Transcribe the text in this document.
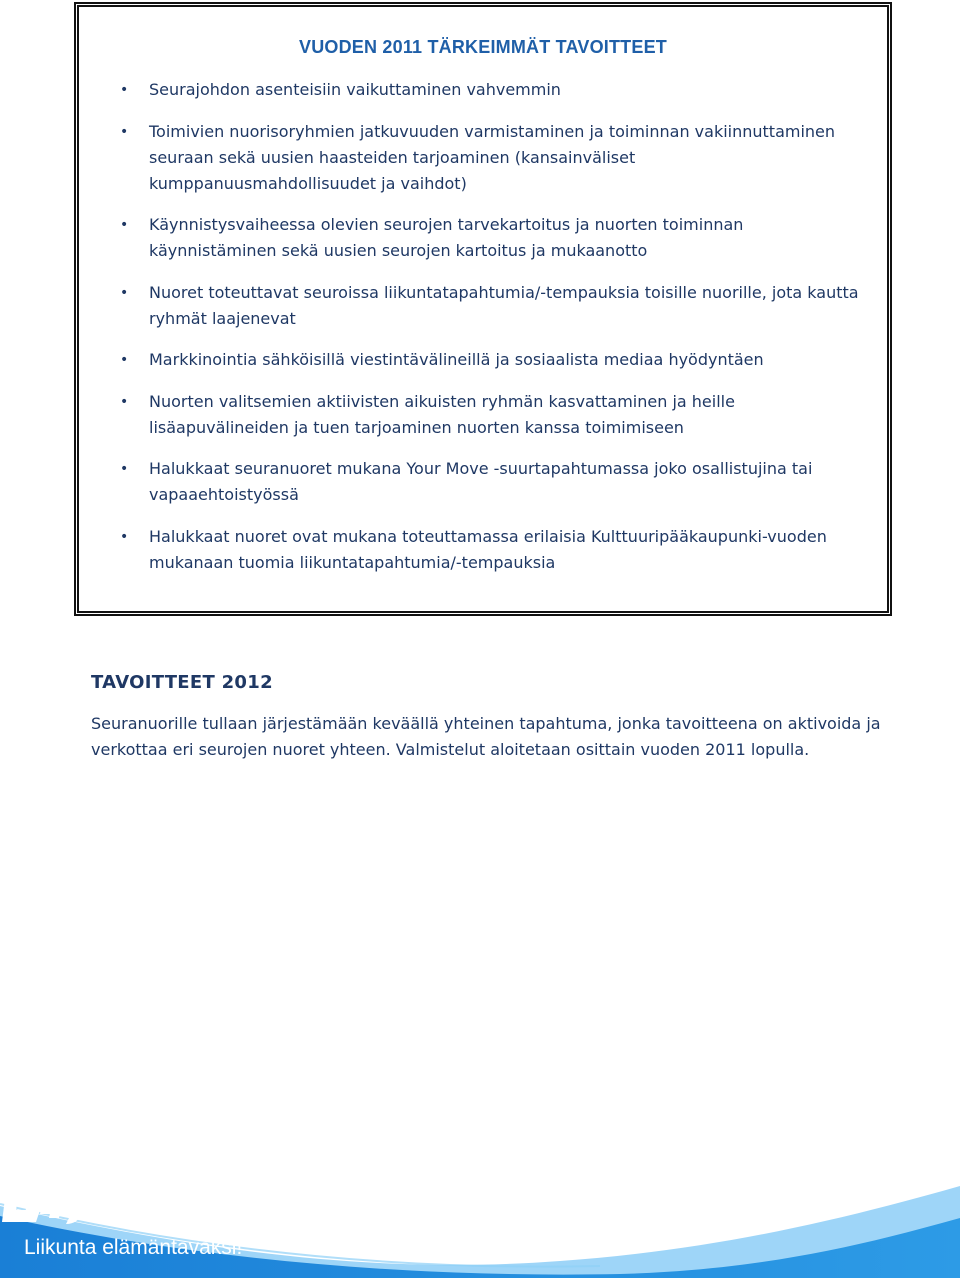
VUODEN 2011 TÄRKEIMMÄT TAVOITTEET
• Seurajohdon asenteisiin vaikuttaminen vahvemmin
• Toimivien nuorisoryhmien jatkuvuuden varmistaminen ja toiminnan vakiinnuttaminen seuraan sekä uusien haasteiden tarjoaminen (kansainväliset kumppanuusmahdollisuudet ja vaihdot)
• Käynnistysvaiheessa olevien seurojen tarvekartoitus ja nuorten toiminnan käynnistäminen sekä uusien seurojen kartoitus ja mukaanotto
• Nuoret toteuttavat seuroissa liikuntatapahtumia/-tempauksia toisille nuorille, jota kautta ryhmät laajenevat
• Markkinointia sähköisillä viestintävälineillä ja sosiaalista mediaa hyödyntäen
• Nuorten valitsemien aktiivisten aikuisten ryhmän kasvattaminen ja heille lisäapuvälineiden ja tuen tarjoaminen nuorten kanssa toimimiseen
• Halukkaat seuranuoret mukana Your Move -suurtapahtumassa joko osallistujina tai vapaaehtoistyössä
• Halukkaat nuoret ovat mukana toteuttamassa erilaisia Kulttuuripääkaupunki-vuoden mukanaan tuomia liikuntatapahtumia/-tempauksia
TAVOITTEET 2012

Seuranuorille tullaan järjestämään keväällä yhteinen tapahtuma, jonka tavoitteena on aktivoida ja verkottaa eri seurojen nuoret yhteen. Valmistelut aloitetaan osittain vuoden 2011 lopulla.

Liikunta elämäntavaksi!
